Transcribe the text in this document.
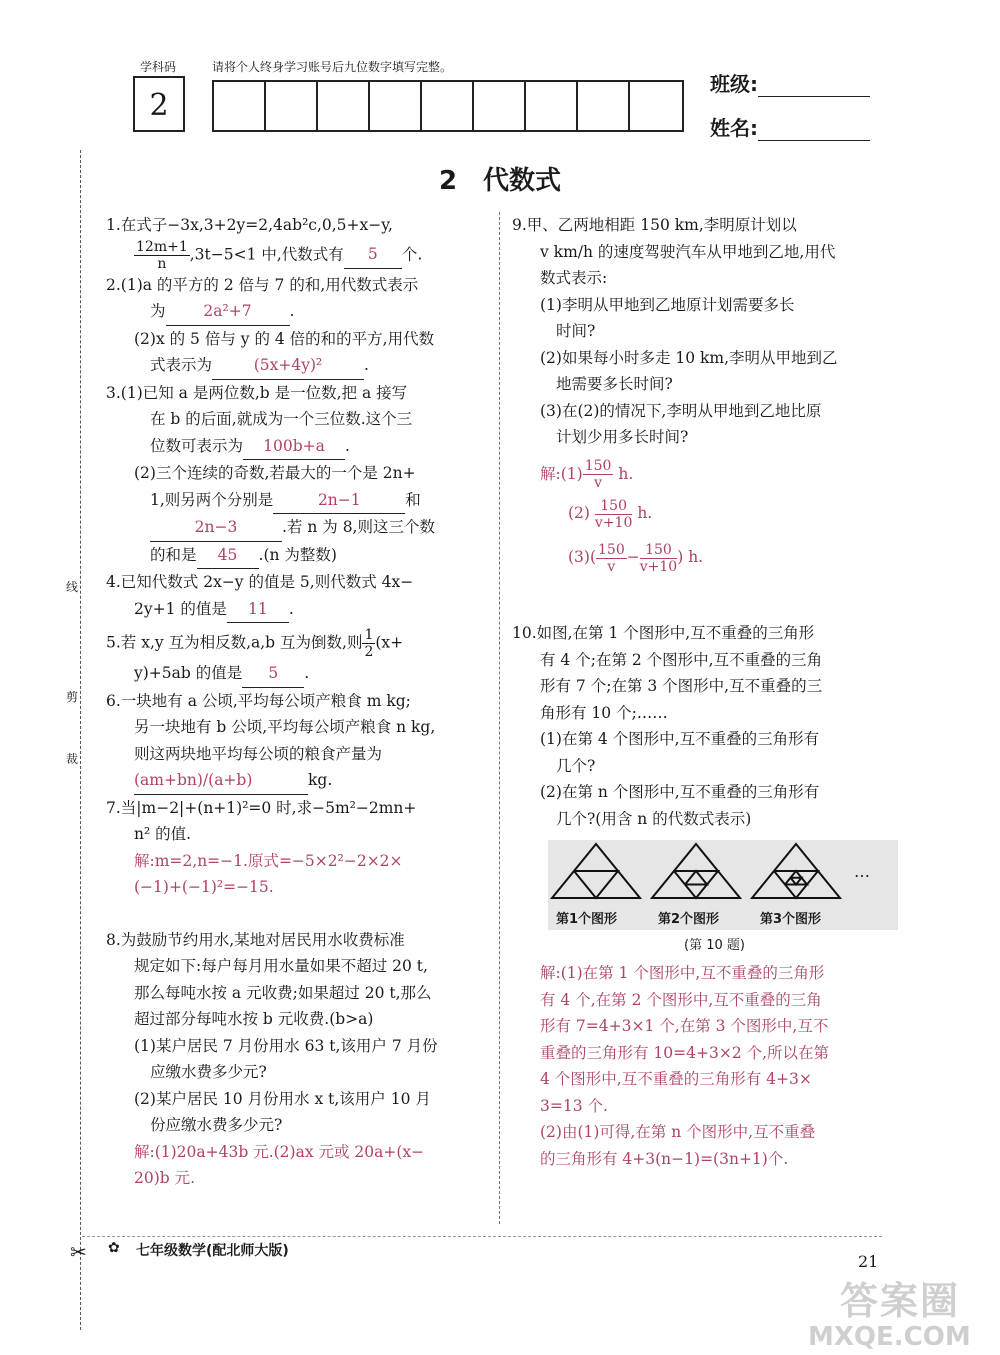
学科码	请将个人终身学习账号后九位数字填写完整。
2
班级:
姓名:
线
剪
裁
✂
2　代数式

1.在式子−3x,3+2y=2,4ab²c,0,5+x−y,

$\frac{12m+1}{n} ,3t-5<1$ 中,代数式有 5 个.

2.(1)a 的平方的 2 倍与 7 的和,用代数式表示

为 2a²+7 .

(2)x 的 5 倍与 y 的 4 倍的和的平方,用代数

式表示为	(5x+4y)²	.

3.(1)已知 a 是两位数,b 是一位数,把 a 接写

在 b 的后面,就成为一个三位数.这个三

位数可表示为 100b+a .

(2)三个连续的奇数,若最大的一个是 2n+

1,则另两个分别是	2n−1	和

2n−3	.若 n 为 8,则这三个数

的和是 45 .(n 为整数)

4.已知代数式 2x−y 的值是 5,则代数式 4x−

2y+1 的值是 11 .

5.若 x,y 互为相反数,a,b 互为倒数,则 $\frac{1}{2} (x+$

y)+5ab 的值是 5 .

6.一块地有 a 公顷,平均每公顷产粮食 m kg;

另一块地有 b 公顷,平均每公顷产粮食 n kg,

则这两块地平均每公顷的粮食产量为

(am+bn)/(a+b)	kg.

7.当|m−2|+(n+1)²=0 时,求−5m²−2mn+

n² 的值.

解:m=2,n=−1.原式=−5×2²−2×2×

(−1)+(−1)²=−15.

8.为鼓励节约用水,某地对居民用水收费标准

规定如下:每户每月用水量如果不超过 20 t,

那么每吨水按 a 元收费;如果超过 20 t,那么

超过部分每吨水按 b 元收费.(b>a)

(1)某户居民 7 月份用水 63 t,该用户 7 月份

应缴水费多少元?

(2)某户居民 10 月份用水 x t,该用户 10 月

份应缴水费多少元?

解:(1)20a+43b 元.(2)ax 元或 20a+(x−

20)b 元.

9.甲、乙两地相距 150 km,李明原计划以

v km/h 的速度驾驶汽车从甲地到乙地,用代

数式表示:

(1)李明从甲地到乙地原计划需要多长

时间?

(2)如果每小时多走 10 km,李明从甲地到乙

地需要多长时间?

(3)在(2)的情况下,李明从甲地到乙地比原

计划少用多长时间?

解:(1) $\frac{150}{v} h$.

$(2) \frac{150}{v+10} h$.

$(3)( \frac{150}{v} - \frac{150}{v+10}$ ) h.

10.如图,在第 1 个图形中,互不重叠的三角形

有 4 个;在第 2 个图形中,互不重叠的三角

形有 7 个;在第 3 个图形中,互不重叠的三

角形有 10 个;……

(1)在第 4 个图形中,互不重叠的三角形有

几个?

(2)在第 n 个图形中,互不重叠的三角形有

几个?(用含 n 的代数式表示)

…
第1个图形	第2个图形	第3个图形
(第 10 题)

解:(1)在第 1 个图形中,互不重叠的三角形

有 4 个,在第 2 个图形中,互不重叠的三角

形有 7=4+3×1 个,在第 3 个图形中,互不

重叠的三角形有 10=4+3×2 个,所以在第

4 个图形中,互不重叠的三角形有 4+3×

3=13 个.

(2)由(1)可得,在第 n 个图形中,互不重叠

的三角形有 4+3(n−1)=(3n+1)个.

✿ 七年级数学(配北师大版)
21
答案圈
MXQE.COM
